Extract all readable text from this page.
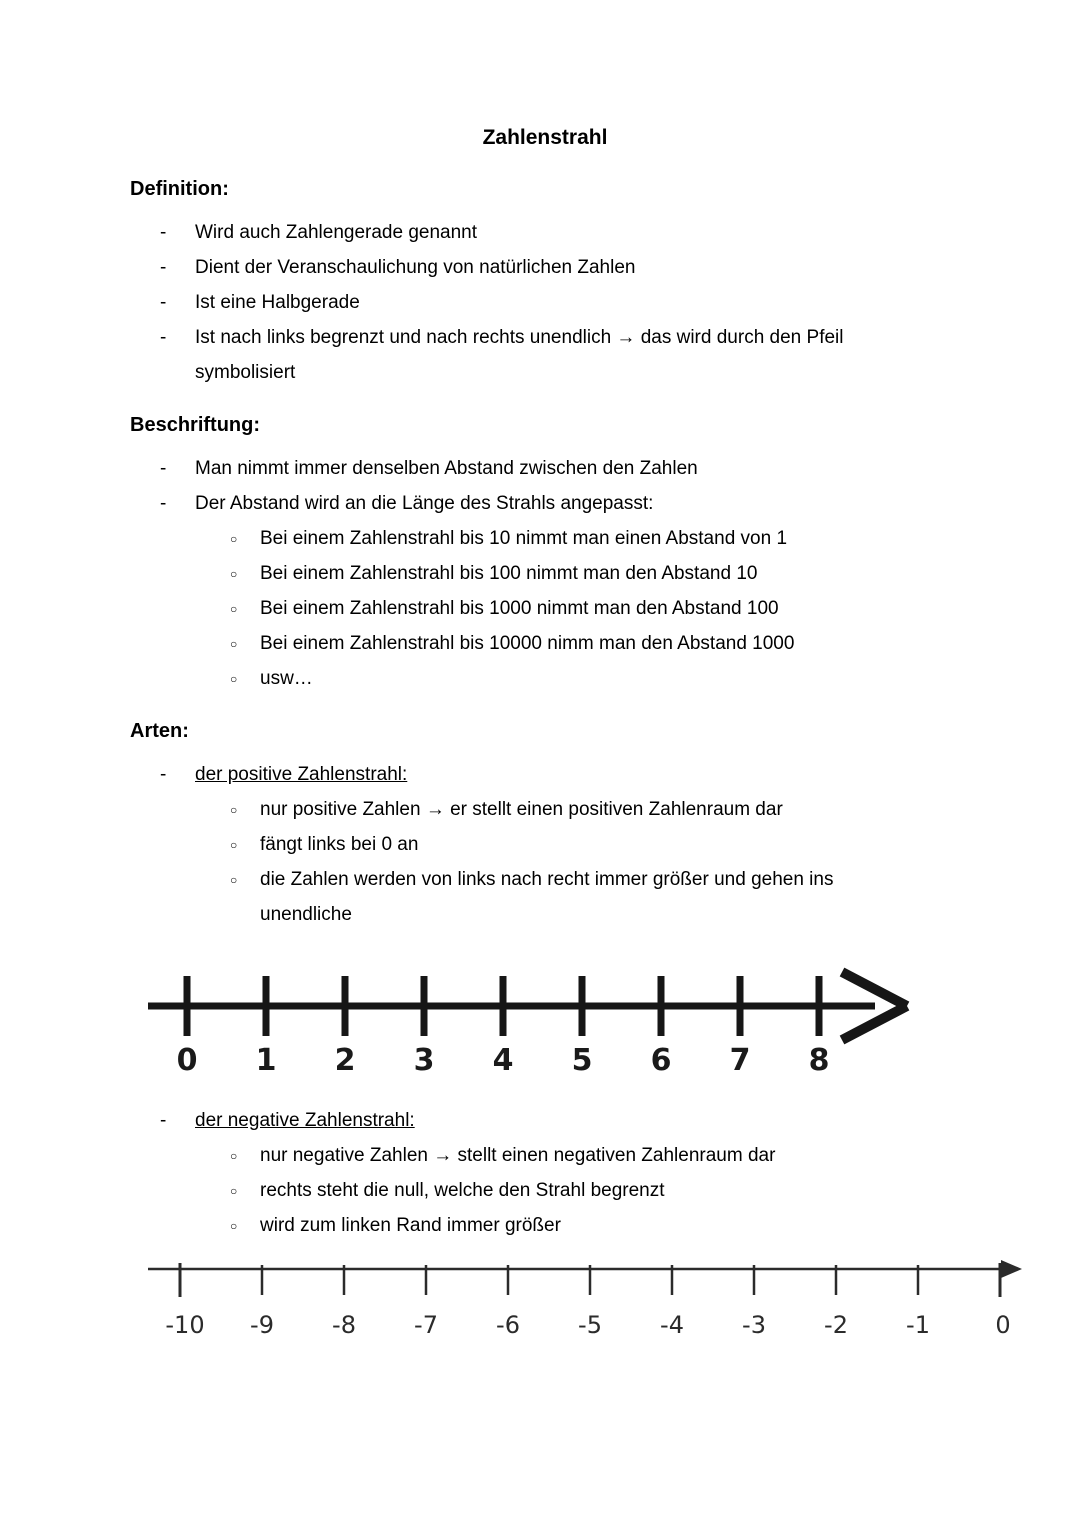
Zahlenstrahl
Definition:
- Wird auch Zahlengerade genannt
- Dient der Veranschaulichung von natürlichen Zahlen
- Ist eine Halbgerade
- Ist nach links begrenzt und nach rechts unendlich → das wird durch den Pfeil symbolisiert
Beschriftung:
- Man nimmt immer denselben Abstand zwischen den Zahlen
- Der Abstand wird an die Länge des Strahls angepasst:
○ Bei einem Zahlenstrahl bis 10 nimmt man einen Abstand von 1
○ Bei einem Zahlenstrahl bis 100 nimmt man den Abstand 10
○ Bei einem Zahlenstrahl bis 1000 nimmt man den Abstand 100
○ Bei einem Zahlenstrahl bis 10000 nimm man den Abstand 1000
○ usw…
Arten:
- der positive Zahlenstrahl:
○ nur positive Zahlen → er stellt einen positiven Zahlenraum dar
○ fängt links bei 0 an
○ die Zahlen werden von links nach recht immer größer und gehen ins unendliche
0 1 2 3 4 5 6 7 8
- der negative Zahlenstrahl:
○ nur negative Zahlen → stellt einen negativen Zahlenraum dar
○ rechts steht die null, welche den Strahl begrenzt
○ wird zum linken Rand immer größer
-10 -9 -8 -7 -6 -5 -4 -3 -2 -1	0
